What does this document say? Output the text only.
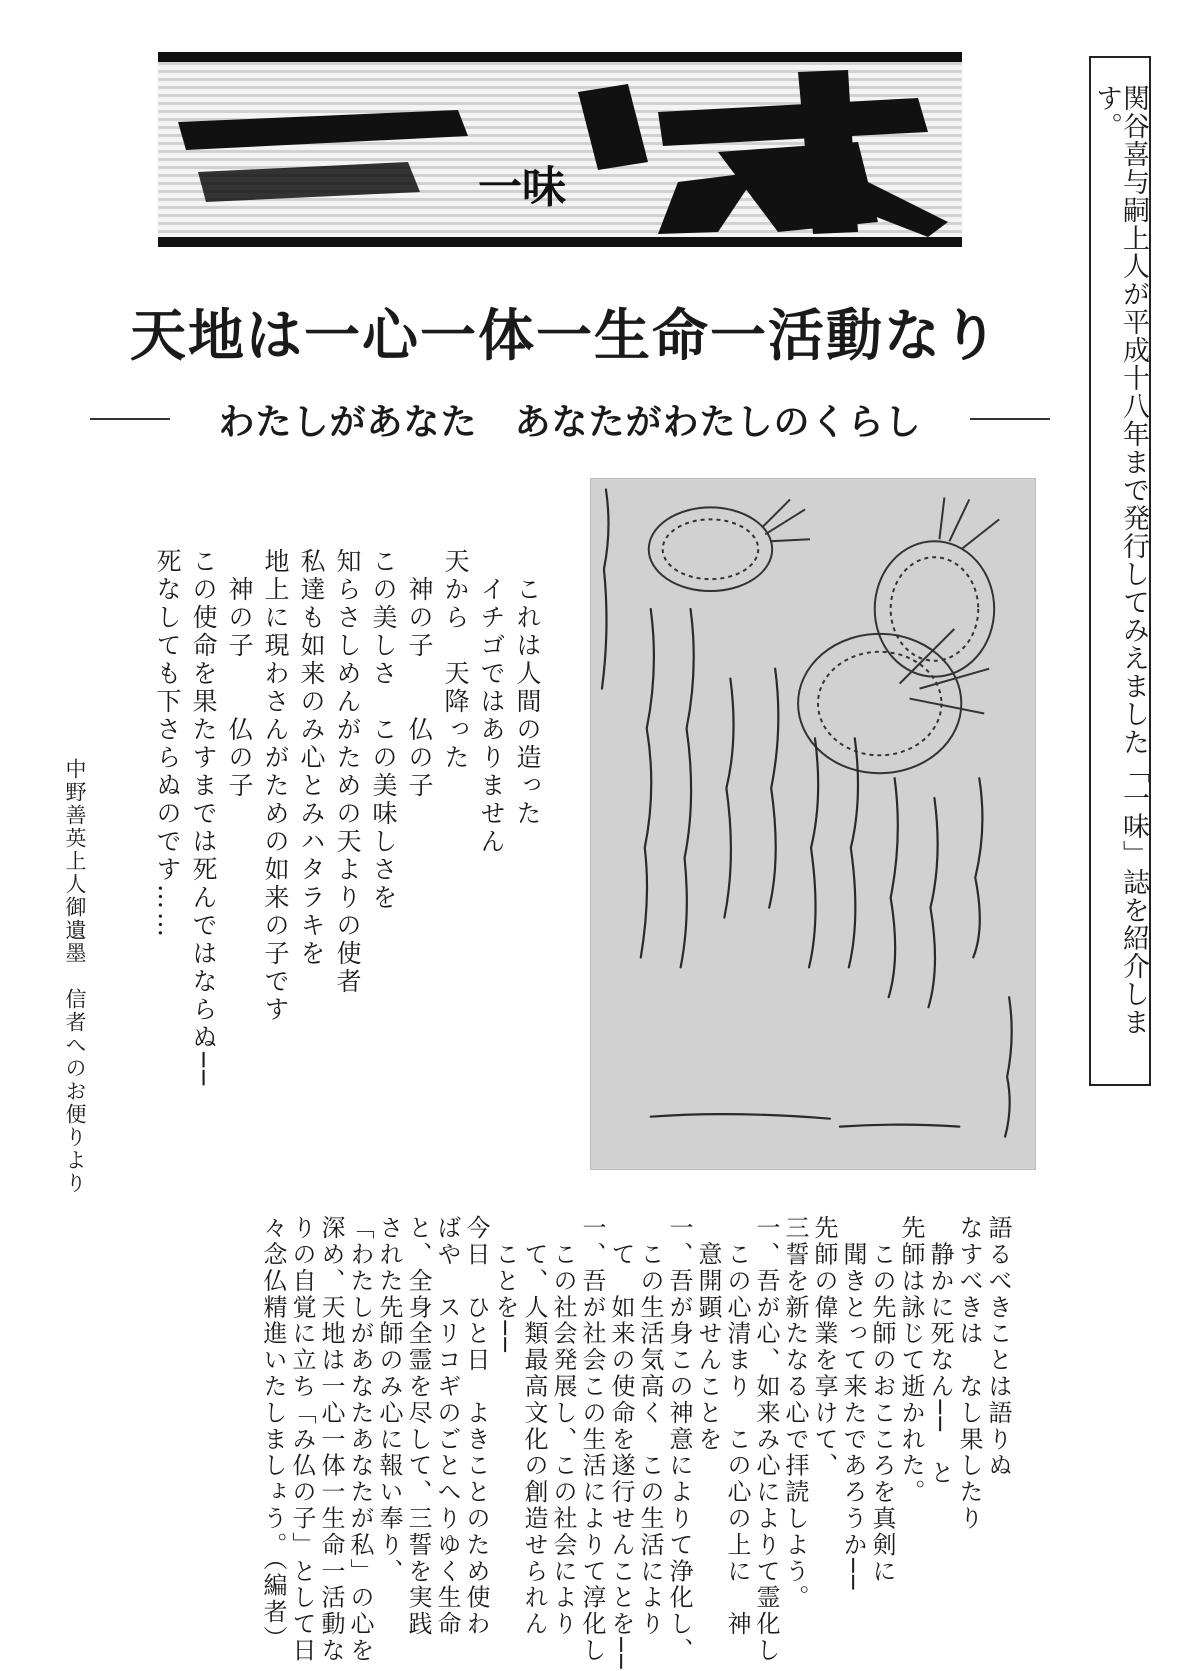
一味	関谷喜与嗣上人が平成十八年まで発行してみえました「一味」誌を紹介します。
天地は一心一体一生命一活動なり
わたしがあなた　あなたがわたしのくらし
　これは人間の造った
　イチゴではありません
天から　天降った
　神の子　　仏の子
この美しさ　この美味しさを
知らさしめんがための天よりの使者
私達も如来のみ心とみハタラキを
地上に現わさんがための如来の子です
　神の子　　仏の子
この使命を果たすまでは死んではならぬ──
死なしても下さらぬのです……
中野善英上人御遺墨　信者へのお便りより
語るべきことは語りぬ
なすべきは　なし果したり
　静かに死なん──　と
先師は詠じて逝かれた。
　この先師のおこころを真剣に
　聞きとって来たであろうか──
先師の偉業を享けて、
三誓を新たなる心で拝読しよう。
一、吾が心、如来み心によりて霊化し
　この心清まり　この心の上に　神
　意開顕せんことを
一、吾が身この神意によりて浄化し、
　この生活気高く　この生活により
　て　如来の使命を遂行せんことを──
一、吾が社会この生活によりて淳化し
　この社会発展し、この社会により
　て、人類最高文化の創造せられん
　ことを──
今日　ひと日　よきことのため使わ
ばや　スリコギのごとへりゆく生命
と、全身全霊を尽して、三誓を実践
された先師のみ心に報い奉り、
「わたしがあなたあなたが私」の心を
深め、天地は一心一体一生命一活動な
りの自覚に立ち「み仏の子」として日
々念仏精進いたしましょう。（編者）
